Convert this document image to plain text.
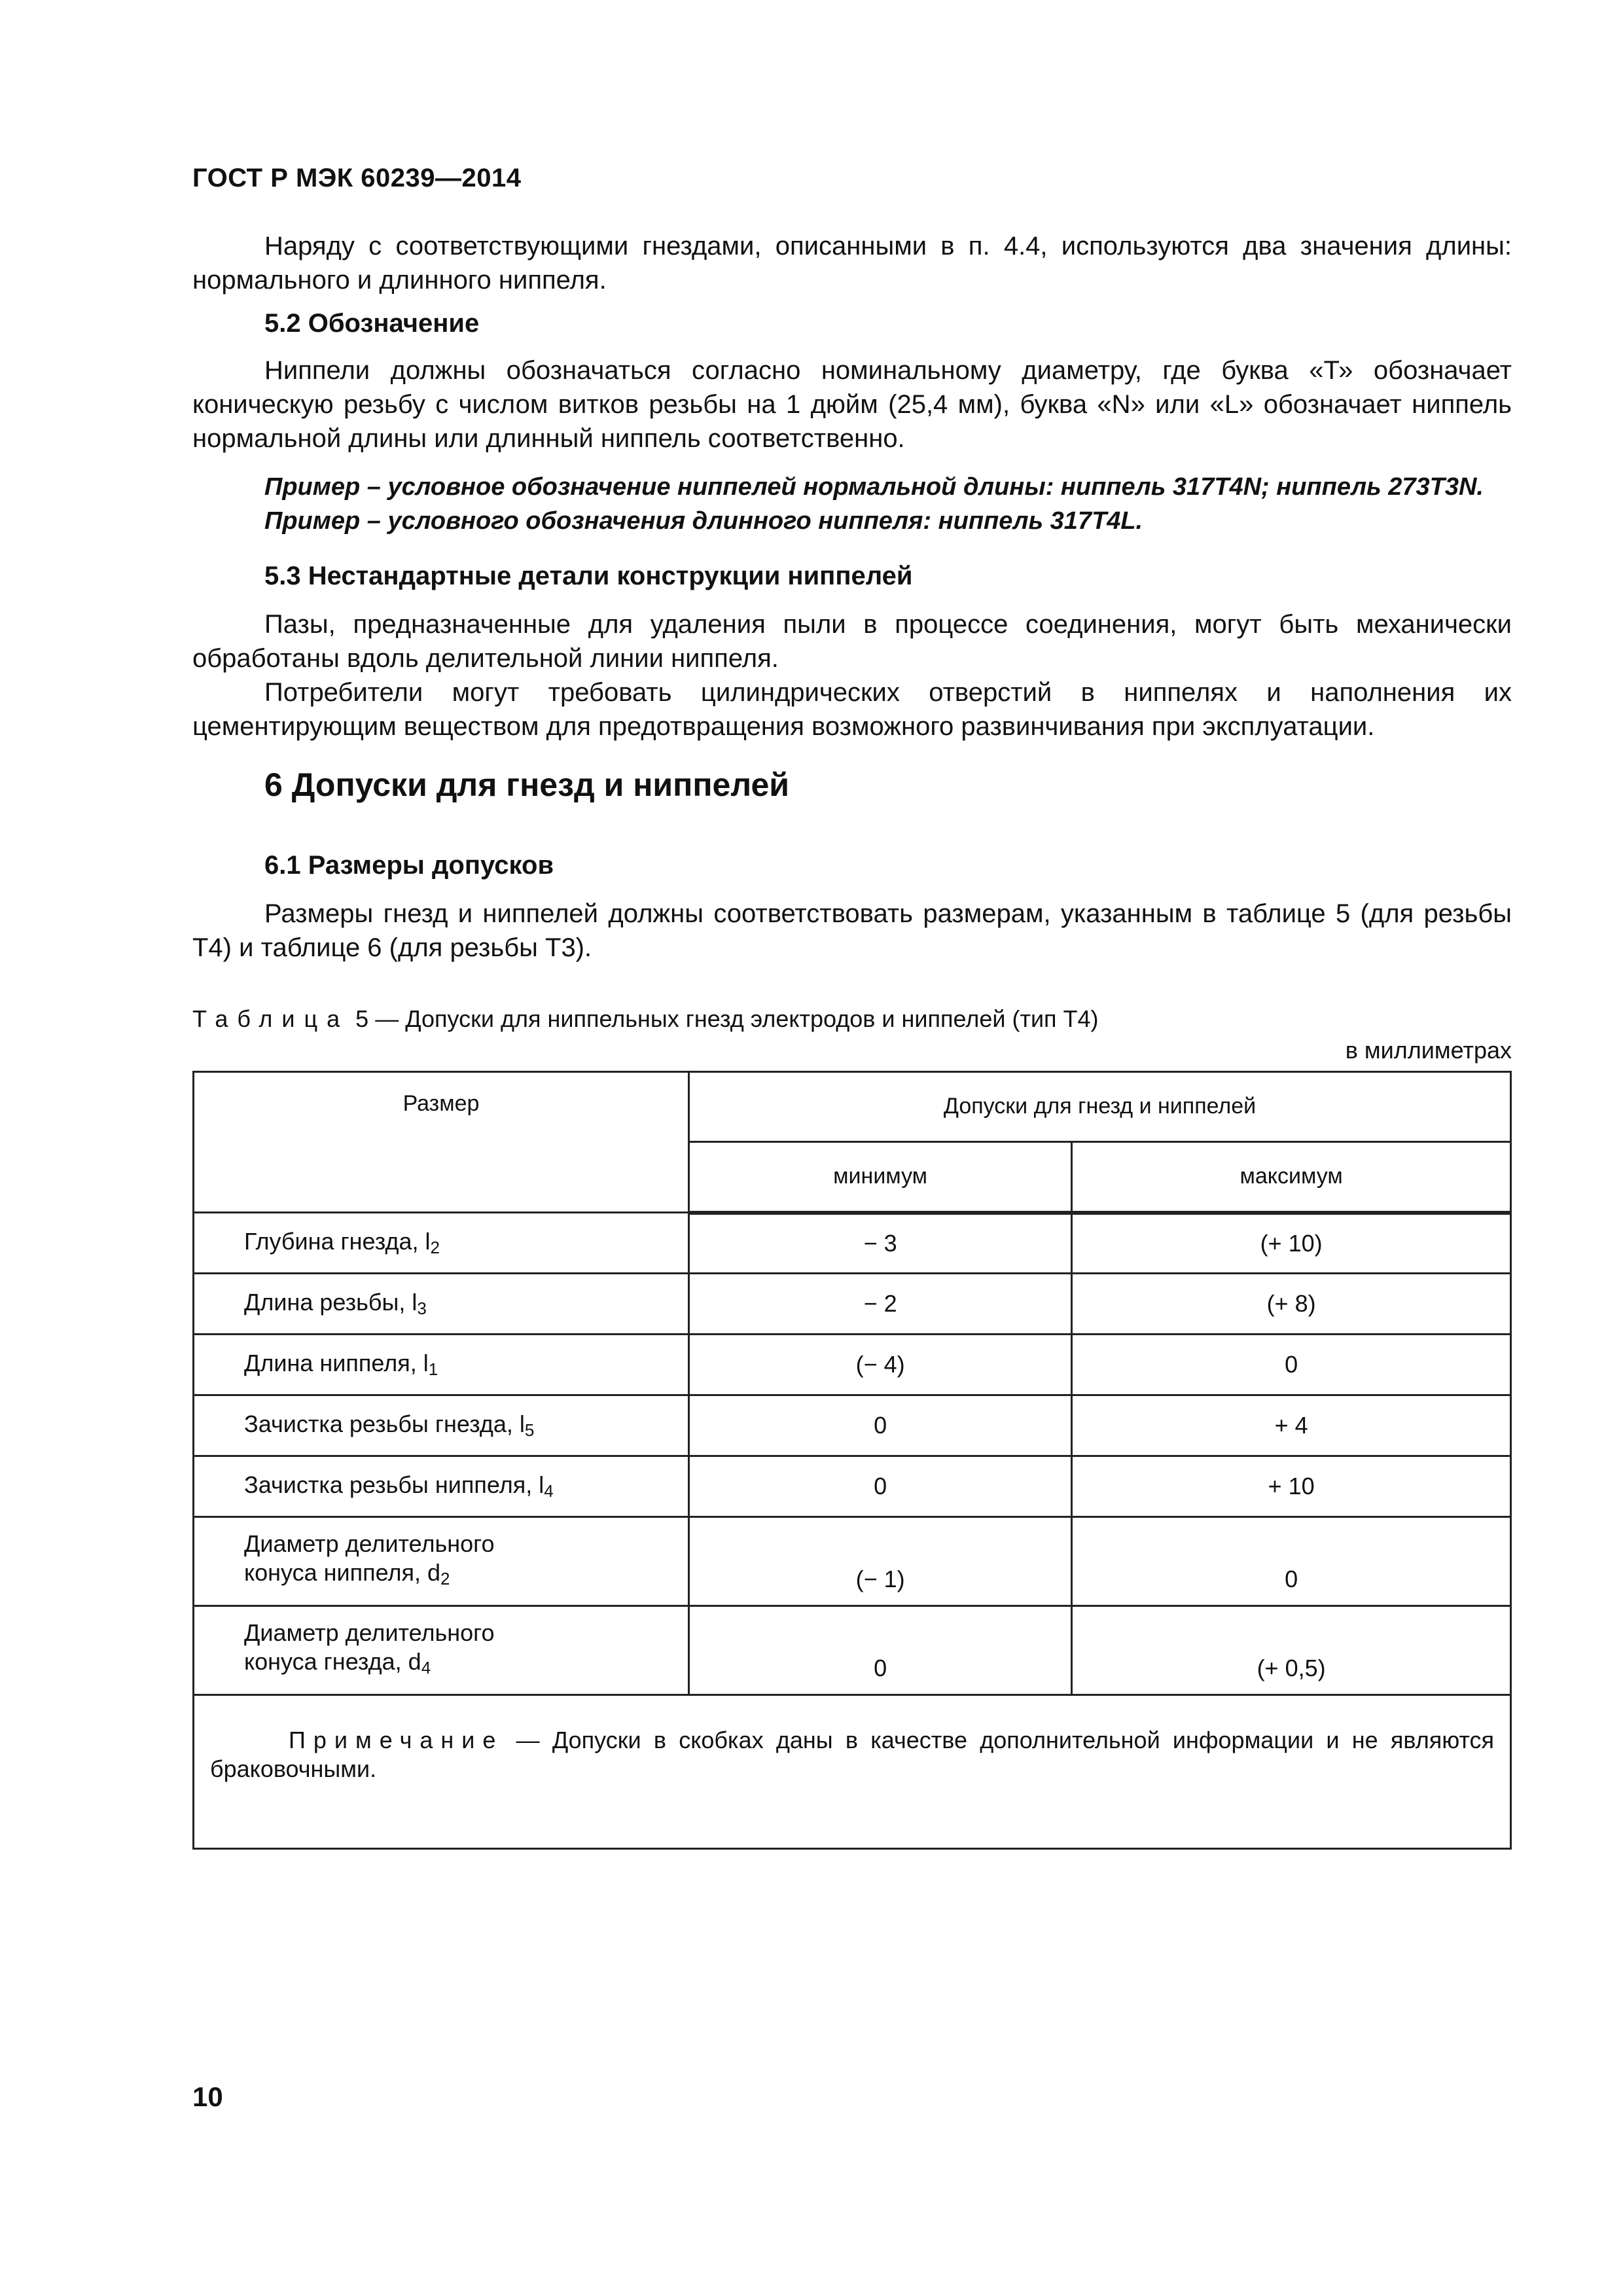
ГОСТ Р МЭК 60239—2014

Наряду с соответствующими гнездами, описанными в п. 4.4, используются два значения длины: нормального и длинного ниппеля.

5.2 Обозначение

Ниппели должны обозначаться согласно номинальному диаметру, где буква «Т» обозначает коническую резьбу с числом витков резьбы на 1 дюйм (25,4 мм), буква «N» или «L» обозначает ниппель нормальной длины или длинный ниппель соответственно.

Пример – условное обозначение ниппелей нормальной длины: ниппель 317T4N; ниппель 273T3N.
Пример – условного обозначения длинного ниппеля: ниппель 317T4L.
5.3 Нестандартные детали конструкции ниппелей

Пазы, предназначенные для удаления пыли в процессе соединения, могут быть механически обработаны вдоль делительной линии ниппеля.

Потребители могут требовать цилиндрических отверстий в ниппелях и наполнения их цементирующим веществом для предотвращения возможного развинчивания при эксплуатации.

6 Допуски для гнезд и ниппелей
6.1 Размеры допусков

Размеры гнезд и ниппелей должны соответствовать размерам, указанным в таблице 5 (для резьбы Т4) и таблице 6 (для резьбы Т3).

Таблица 5 — Допуски для ниппельных гнезд электродов и ниппелей (тип Т4)
в миллиметрах
Размер	Допуски для гнезд и ниппелей	
	минимум	максимум
Глубина гнезда, $l_2$	− 3	(+ 10)
Длина резьбы, $l_3$	− 2	(+ 8)
Длина ниппеля, $l_1$	(− 4)	0
Зачистка резьбы гнезда, $l_5$	0	+ 4
Зачистка резьбы ниппеля, $l_4$	0	+ 10

Диаметр делительного
конуса ниппеля, $d_2$	(− 1)	0

Диаметр делительного
конуса гнезда, $d_4$	0	(+ 0,5)
Примечание — Допуски в скобках даны в качестве дополнительной информации и не являются браковочными.		
10
